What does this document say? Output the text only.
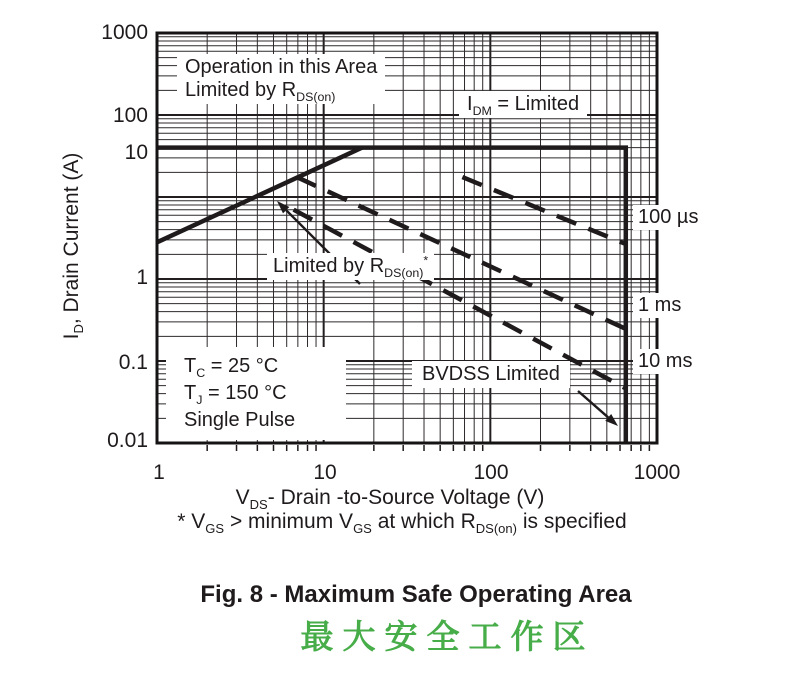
1000
100
10
1
0.1
0.01
1	10	100	1000
$I_D$, Drain Current (A)
$V_{DS}-$ Drain -to-Source Voltage (V)
* $V_{GS}$ > minimum $V_{GS}$ at which $R_{DS(on)}$ is specified
Operation in this Area
Limited by $R_{DS(on)}$	$I_{DM}$ = Limited
Limited by $R_{DS(on)}^*$
$T_C = 25$ °C
$T_J = 150$ °C
Single Pulse
BVDSS Limited
100 µs
1 ms
10 ms
Fig. 8 - Maximum Safe Operating Area
最大安全工作区
